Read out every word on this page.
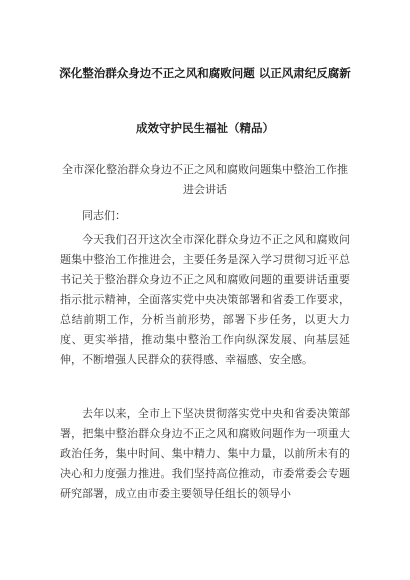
深化整治群众身边不正之风和腐败问题 以正风肃纪反腐新
成效守护民生福祉（精品）
全市深化整治群众身边不正之风和腐败问题集中整治工作推进会讲话

同志们：

今天我们召开这次全市深化群众身边不正之风和腐败问题集中整治工作推进会，主要任务是深入学习贯彻习近平总书记关于整治群众身边不正之风和腐败问题的重要讲话重要指示批示精神，全面落实党中央决策部署和省委工作要求，总结前期工作，分析当前形势，部署下步任务，以更大力度、更实举措，推动集中整治工作向纵深发展、向基层延伸，不断增强人民群众的获得感、幸福感、安全感。

去年以来，全市上下坚决贯彻落实党中央和省委决策部署，把集中整治群众身边不正之风和腐败问题作为一项重大政治任务，集中时间、集中精力、集中力量，以前所未有的决心和力度强力推进。我们坚持高位推动，市委常委会专题研究部署，成立由市委主要领导任组长的领导小
